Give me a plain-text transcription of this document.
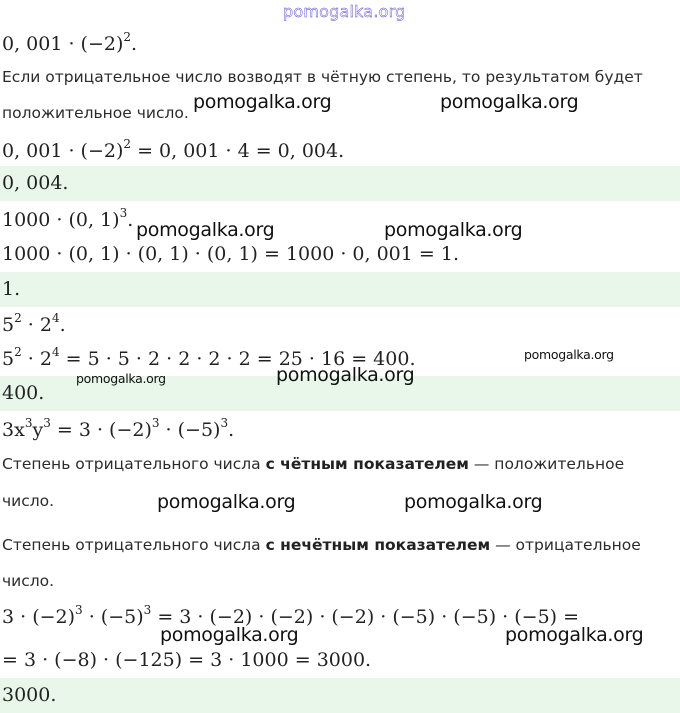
pomogalka.org
0, $001 \cdot (-2)^2$.
Если отрицательное число возводят в чётную степень, то результатом будет
положительное число.
0, $001 \cdot (-2)^2 = 0$, 001 · 4 = 0, 004.
0, 004.
1000 · (0, 1)$^3$.
1000 · (0, 1) · (0, 1) · (0, 1) = 1000 · 0, 001 = 1.
1.
$5^2 \cdot 2^4$.
$5^2 \cdot 2^4 = 5 \cdot 5 \cdot 2 \cdot 2 \cdot 2 \cdot 2 = 25 \cdot 16 = 400$.
400.
$3x^3y^3 = 3 \cdot (-2)^3 \cdot (-5)^3$.
Степень отрицательного числа с чётным показателем — положительное
число.
Степень отрицательного числа с нечётным показателем — отрицательное
число.
$3 \cdot (-2)^3 \cdot (-5)^3 = 3 \cdot (-2) \cdot (-2) \cdot (-2) \cdot (-5) \cdot (-5) \cdot (-5)$ =
= 3 · (−8) · (−125) = 3 · 1000 = 3000.
3000.
pomogalka.org	pomogalka.org
pomogalka.org	pomogalka.org
pomogalka.org
pomogalka.org
pomogalka.org
pomogalka.org	pomogalka.org
pomogalka.org	pomogalka.org
